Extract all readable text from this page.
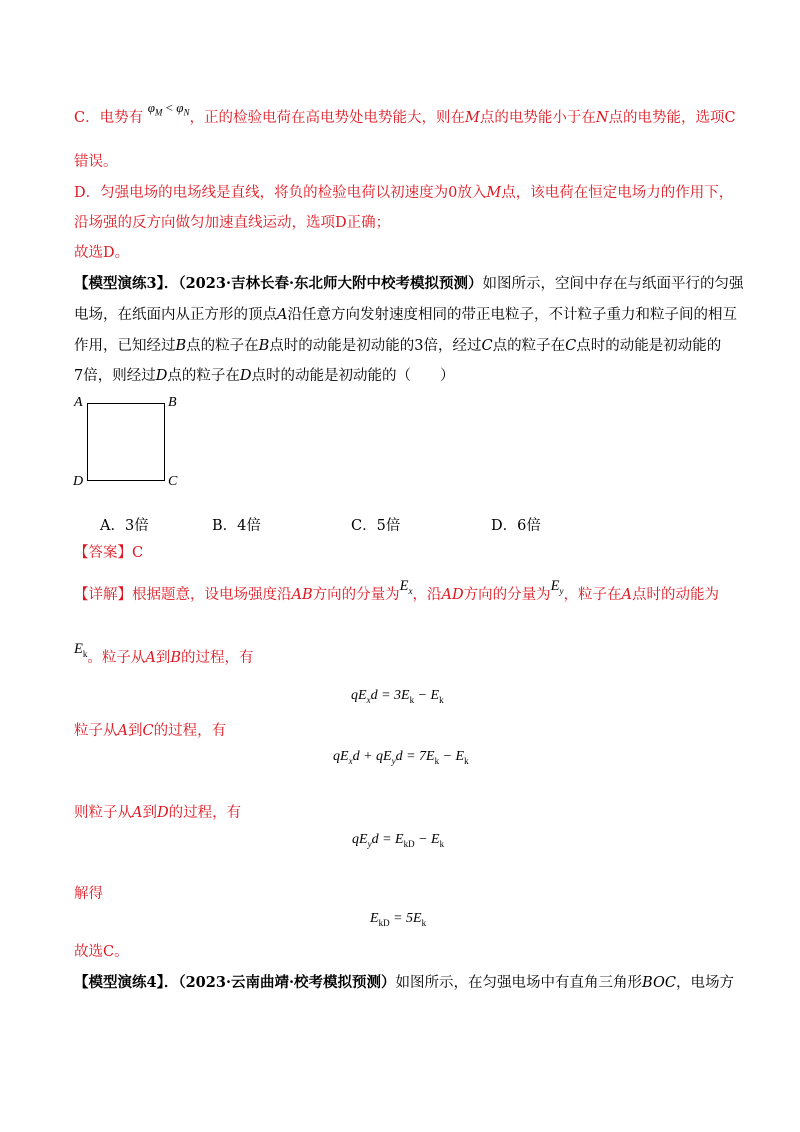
C．电势有 $\varphi_M < \varphi_N$，正的检验电荷在高电势处电势能大，则在M点的电势能小于在N点的电势能，选项C
错误。
D．匀强电场的电场线是直线，将负的检验电荷以初速度为0放入M点，该电荷在恒定电场力的作用下，
沿场强的反方向做匀加速直线运动，选项D正确；
故选D。
【模型演练3】．（2023·吉林长春·东北师大附中校考模拟预测）如图所示，空间中存在与纸面平行的匀强
电场，在纸面内从正方形的顶点A沿任意方向发射速度相同的带正电粒子，不计粒子重力和粒子间的相互
作用，已知经过B点的粒子在B点时的动能是初动能的3倍，经过C点的粒子在C点时的动能是初动能的
7倍，则经过D点的粒子在D点时的动能是初动能的（　　）
A	B
C
D
A．3倍	B．4倍	C．5倍	D．6倍
【答案】C
【详解】根据题意，设电场强度沿AB方向的分量为$E_x$，沿AD方向的分量为$E_y$，粒子在A点时的动能为
$E_k$。粒子从A到B的过程，有
$qE_xd = 3E_k - E_k$
粒子从A到C的过程，有
$qE_xd + qE_yd = 7E_k - E_k$
则粒子从A到D的过程，有
$qE_yd = E_{kD} - E_k$
解得
$E_{kD} = 5E_k$
故选C。
【模型演练4】．（2023·云南曲靖·校考模拟预测）如图所示，在匀强电场中有直角三角形BOC，电场方
